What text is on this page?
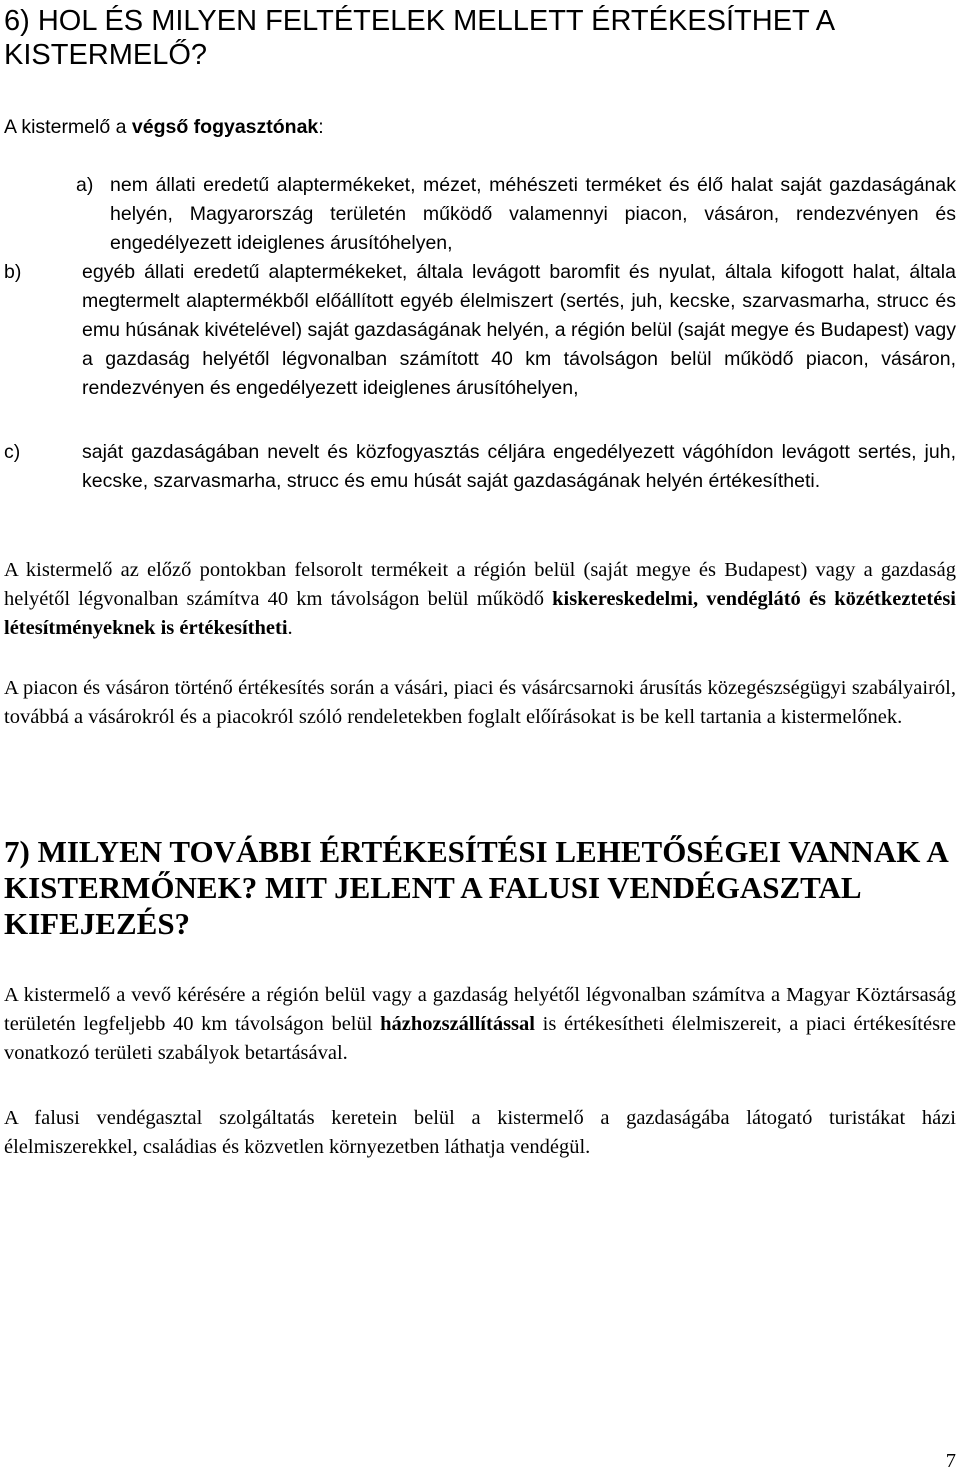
6) HOL ÉS MILYEN FELTÉTELEK MELLETT ÉRTÉKESÍTHET A KISTERMELŐ?

A kistermelő a végső fogyasztónak:

a) nem állati eredetű alaptermékeket, mézet, méhészeti terméket és élő halat saját gazdaságának helyén, Magyarország területén működő valamennyi piacon, vásáron, rendezvényen és engedélyezett ideiglenes árusítóhelyen,
b)	egyéb állati eredetű alaptermékeket, általa levágott baromfit és nyulat, általa kifogott halat, általa megtermelt alaptermékből előállított egyéb élelmiszert (sertés, juh, kecske, szarvasmarha, strucc és emu húsának kivételével) saját gazdaságának helyén, a régión belül (saját megye és Budapest) vagy a gazdaság helyétől légvonalban számított 40 km távolságon belül működő piacon, vásáron, rendezvényen és engedélyezett ideiglenes árusítóhelyen,
c)	saját gazdaságában nevelt és közfogyasztás céljára engedélyezett vágóhídon levágott sertés, juh, kecske, szarvasmarha, strucc és emu húsát saját gazdaságának helyén értékesítheti.

A kistermelő az előző pontokban felsorolt termékeit a régión belül (saját megye és Budapest) vagy a gazdaság helyétől légvonalban számítva 40 km távolságon belül működő kiskereskedelmi, vendéglátó és közétkeztetési létesítményeknek is értékesítheti.

A piacon és vásáron történő értékesítés során a vásári, piaci és vásárcsarnoki árusítás közegészségügyi szabályairól, továbbá a vásárokról és a piacokról szóló rendeletekben foglalt előírásokat is be kell tartania a kistermelőnek.

7) MILYEN TOVÁBBI ÉRTÉKESÍTÉSI LEHETŐSÉGEI VANNAK A KISTERMŐNEK? MIT JELENT A FALUSI VENDÉGASZTAL KIFEJEZÉS?

A kistermelő a vevő kérésére a régión belül vagy a gazdaság helyétől légvonalban számítva a Magyar Köztársaság területén legfeljebb 40 km távolságon belül házhozszállítással is értékesítheti élelmiszereit, a piaci értékesítésre vonatkozó területi szabályok betartásával.

A falusi vendégasztal szolgáltatás keretein belül a kistermelő a gazdaságába látogató turistákat házi élelmiszerekkel, családias és közvetlen környezetben láthatja vendégül.

7
